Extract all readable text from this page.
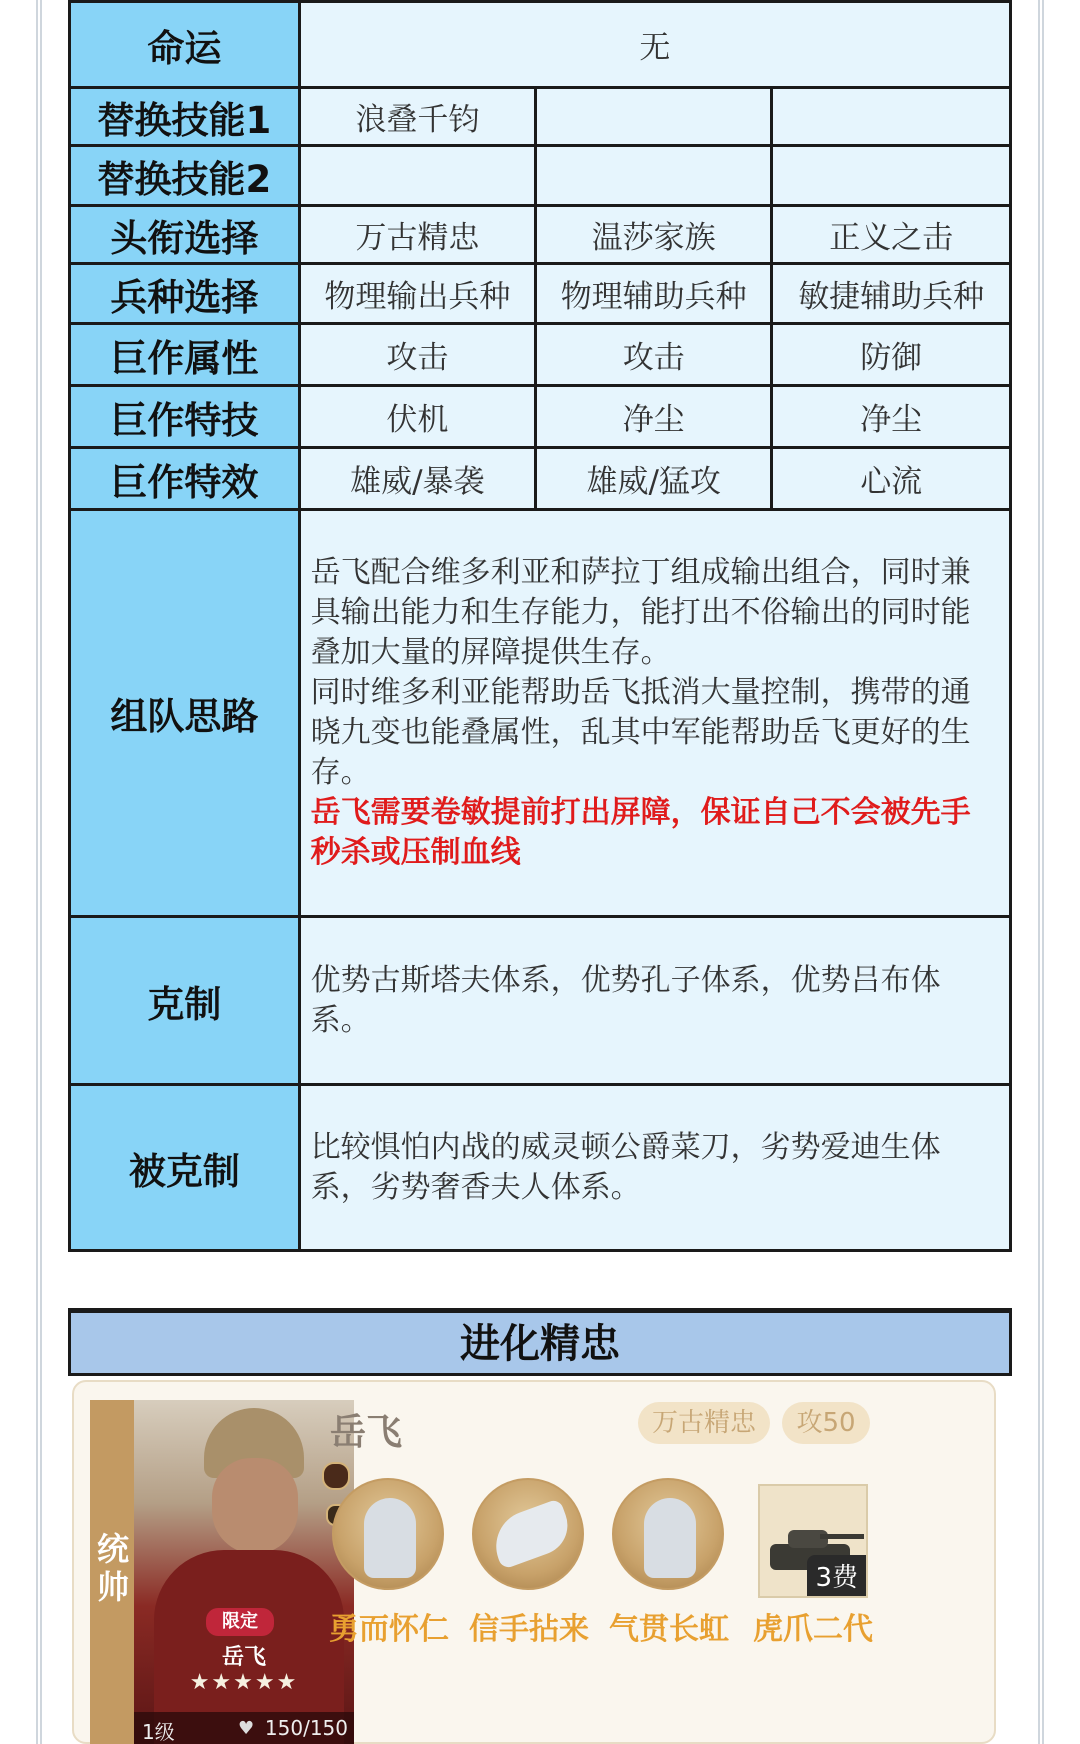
命运	无		
替换技能1	浪叠千钧		
替换技能2			
头衔选择	万古精忠	温莎家族	正义之击
兵种选择	物理输出兵种	物理辅助兵种	敏捷辅助兵种
巨作属性	攻击	攻击	防御
巨作特技	伏机	净尘	净尘
巨作特效	雄威/暴袭	雄威/猛攻	心流
组队思路	岳飞配合维多利亚和萨拉丁组成输出组合，同时兼具输出能力和生存能力，能打出不俗输出的同时能叠加大量的屏障提供生存。
同时维多利亚能帮助岳飞抵消大量控制，携带的通晓九变也能叠属性，乱其中军能帮助岳飞更好的生存。
岳飞需要卷敏提前打出屏障，保证自己不会被先手秒杀或压制血线		

克制	优势古斯塔夫体系，优势孔子体系，优势吕布体系。		
被克制	比较惧怕内战的威灵顿公爵菜刀，劣势爱迪生体系，劣势奢香夫人体系。		
进化精忠
统帅
限定
岳飞
★★★★★
1级	♥ 150/150
岳飞	万古精忠	攻50
勇而怀仁 信手拈来 气贯长虹
3费
虎爪二代
